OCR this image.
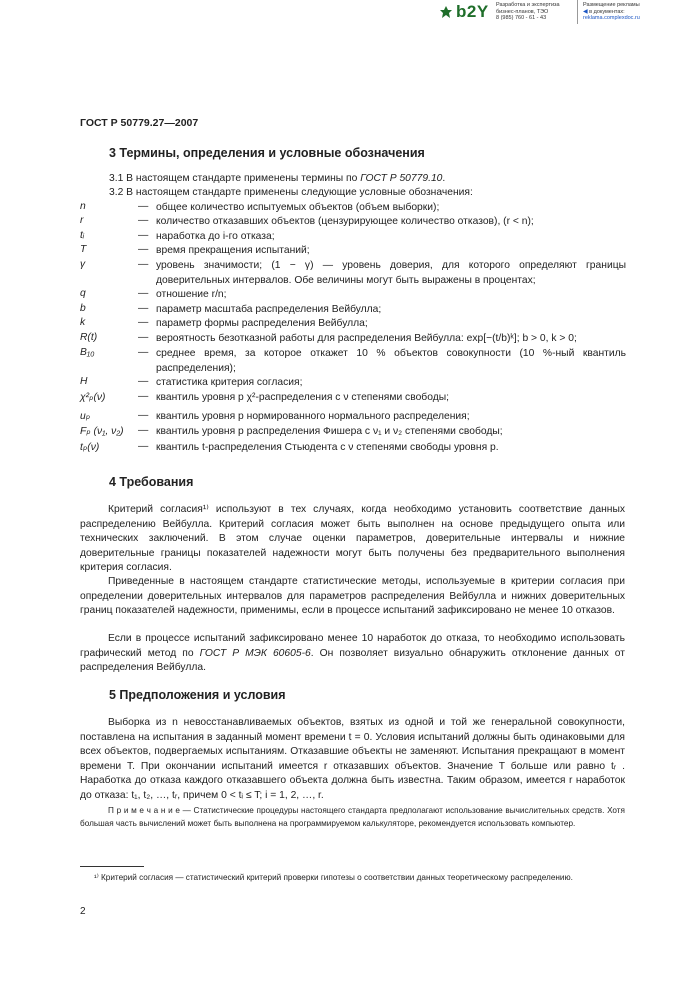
b2Y Разработка и экспертиза
бизнес-планов, ТЭО
8 (985) 760 - 61 - 43
Размещение рекламы
◀ в документах:
reklama.complexdoc.ru
ГОСТ Р 50779.27—2007
3 Термины, определения и условные обозначения
3.1 В настоящем стандарте применены термины по ГОСТ Р 50779.10.
3.2 В настоящем стандарте применены следующие условные обозначения:
n	— общее количество испытуемых объектов (объем выборки);
r	— количество отказавших объектов (цензурирующее количество отказов), (r < n);
tᵢ	— наработка до i-го отказа;
T	— время прекращения испытаний;
γ	— уровень значимости; (1 − γ) — уровень доверия, для которого определяют границы доверительных интервалов. Обе величины могут быть выражены в процентах;
q	— отношение r/n;
b	— параметр масштаба распределения Вейбулла;
k	— параметр формы распределения Вейбулла;
R(t)	— вероятность безотказной работы для распределения Вейбулла: exp[−(t/b)ᵏ]; b > 0, k > 0;
B₁₀	— среднее время, за которое откажет 10 % объектов совокупности (10 %-ный квантиль распределения);
H	— статистика критерия согласия;
χ²ₚ(ν)	— квантиль уровня p χ²-распределения с ν степенями свободы;
uₚ	— квантиль уровня p нормированного нормального распределения;
Fₚ (ν₁, ν₂) — квантиль уровня p распределения Фишера с ν₁ и ν₂ степенями свободы;
tₚ(ν)	— квантиль t-распределения Стьюдента с ν степенями свободы уровня p.
4 Требования
Критерий согласия¹⁾ используют в тех случаях, когда необходимо установить соответствие данных распределению Вейбулла. Критерий согласия может быть выполнен на основе предыдущего опыта или технических заключений. В этом случае оценки параметров, доверительные интервалы и нижние доверительные границы показателей надежности могут быть получены без предварительного выполнения критерия согласия.
Приведенные в настоящем стандарте статистические методы, используемые в критерии согласия при определении доверительных интервалов для параметров распределения Вейбулла и нижних доверительных границ показателей надежности, применимы, если в процессе испытаний зафиксировано не менее 10 отказов.
Если в процессе испытаний зафиксировано менее 10 наработок до отказа, то необходимо использовать графический метод по ГОСТ Р МЭК 60605-6. Он позволяет визуально обнаружить отклонение данных от распределения Вейбулла.
5 Предположения и условия
Выборка из n невосстанавливаемых объектов, взятых из одной и той же генеральной совокупности, поставлена на испытания в заданный момент времени t = 0. Условия испытаний должны быть одинаковыми для всех объектов, подвергаемых испытаниям. Отказавшие объекты не заменяют. Испытания прекращают в момент времени T. При окончании испытаний имеется r отказавших объектов. Значение T больше или равно tᵣ . Наработка до отказа каждого отказавшего объекта должна быть известна. Таким образом, имеется r наработок до отказа: t₁, t₂, …, tᵣ, причем 0 < tᵢ ≤ T; i = 1, 2, …, r.
П р и м е ч а н и е — Статистические процедуры настоящего стандарта предполагают использование вычислительных средств. Хотя большая часть вычислений может быть выполнена на программируемом калькуляторе, рекомендуется использовать компьютер.
¹⁾ Критерий согласия — статистический критерий проверки гипотезы о соответствии данных теоретическому распределению.
2
